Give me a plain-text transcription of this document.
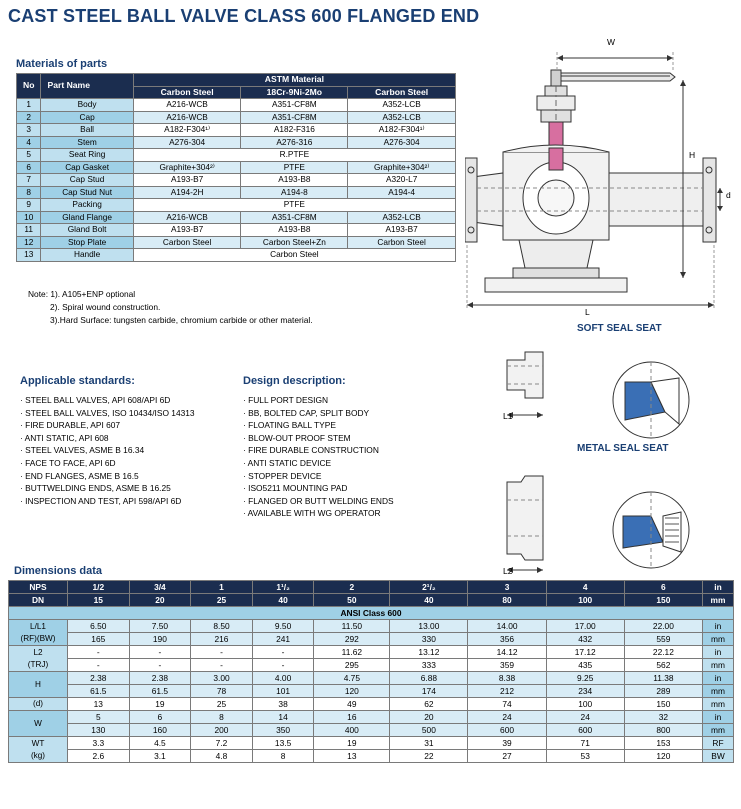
CAST STEEL BALL VALVE CLASS 600 FLANGED END
Materials of parts
No	Part Name	ASTM Material		
		Carbon Steel	18Cr-9Ni-2Mo	Carbon Steel
1	Body	A216-WCB	A351-CF8M	A352-LCB
2	Cap	A216-WCB	A351-CF8M	A352-LCB
3	Ball	A182-F304¹⁾	A182-F316	A182-F304¹⁾
4	Stem	A276-304	A276-316	A276-304
5	Seat Ring	R.PTFE		
6	Cap Gasket	Graphite+304²⁾	PTFE	Graphite+304²⁾
7	Cap Stud	A193-B7	A193-B8	A320-L7
8	Cap Stud Nut	A194-2H	A194-8	A194-4
9	Packing	PTFE		
10	Gland Flange	A216-WCB	A351-CF8M	A352-LCB
11	Gland Bolt	A193-B7	A193-B8	A193-B7
12	Stop Plate	Carbon Steel	Carbon Steel+Zn	Carbon Steel
13	Handle	Carbon Steel		
Note: 1). A105+ENP optional
2). Spiral wound construction.
3).Hard Surface: tungsten carbide, chromium carbide or other material.
Applicable standards:
· STEEL BALL VALVES, API 608/API 6D
· STEEL BALL VALVES, ISO 10434/ISO 14313
· FIRE DURABLE, API 607
· ANTI STATIC, API 608
· STEEL VALVES, ASME B 16.34
· FACE TO FACE, API 6D
· END FLANGES, ASME B 16.5
· BUTTWELDING ENDS, ASME B 16.25
· INSPECTION AND TEST, API 598/API 6D
Design description:
· FULL PORT DESIGN
· BB, BOLTED CAP, SPLIT BODY
· FLOATING BALL TYPE
· BLOW-OUT PROOF STEM
· FIRE DURABLE CONSTRUCTION
· ANTI STATIC DEVICE
· STOPPER DEVICE
· ISO5211 MOUNTING PAD
· FLANGED OR BUTT WELDING ENDS
· AVAILABLE WITH WG OPERATOR
W
H
d
L
L1
L2
SOFT SEAL SEAT
METAL SEAL SEAT
Dimensions data
NPS	1/2	3/4	1	1¹/₂	2	2¹/₂	3	4	6	in
DN	15	20	25	40	50	40	80	100	150	mm
ANSI Class 600										
L/L1
(RF)(BW)	6.50	7.50	8.50	9.50	11.50	13.00	14.00	17.00	22.00	in
	165	190	216	241	292	330	356	432	559	mm
L2
(TRJ)	-	-	-	-	11.62	13.12	14.12	17.12	22.12	in
	-	-	-	-	295	333	359	435	562	mm
H	2.38	2.38	3.00	4.00	4.75	6.88	8.38	9.25	11.38	in
	61.5	61.5	78	101	120	174	212	234	289	mm
(d)	13	19	25	38	49	62	74	100	150	mm
W	5	6	8	14	16	20	24	24	32	in
	130	160	200	350	400	500	600	600	800	mm
WT
(kg)	3.3	4.5	7.2	13.5	19	31	39	71	153	RF
	2.6	3.1	4.8	8	13	22	27	53	120	BW
